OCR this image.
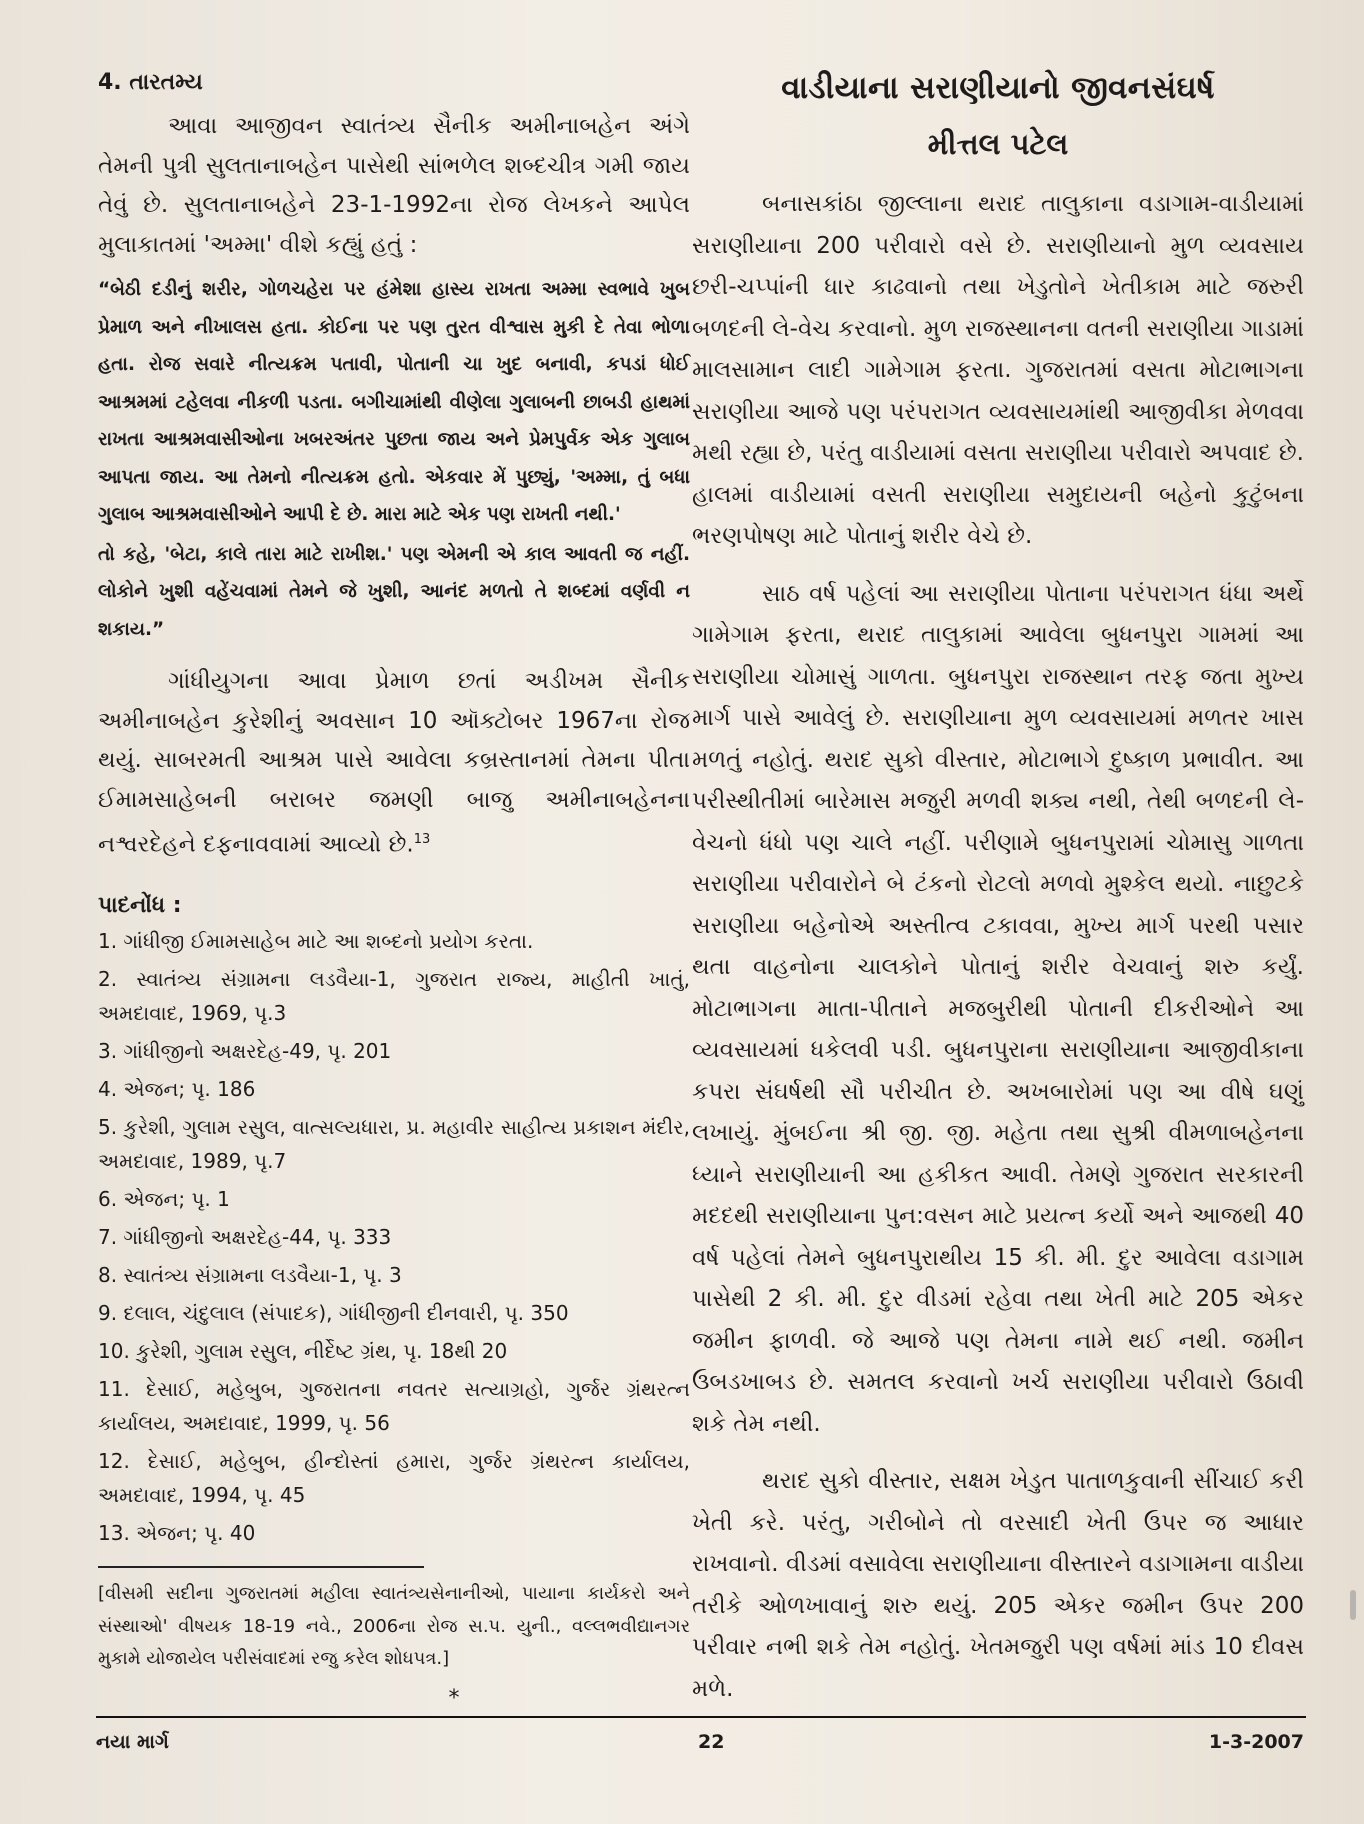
4. તારતમ્ય

આવા આજીવન સ્વાતંત્ર્ય સૈનીક અમીનાબહેન અંગે તેમની પુત્રી સુલતાનાબહેન પાસેથી સાંભળેલ શબ્દચીત્ર ગમી જાય તેવું છે. સુલતાનાબહેને 23-1-1992ના રોજ લેખકને આપેલ મુલાકાતમાં 'અમ્મા' વીશે કહ્યું હતું :

“બેઠી દડીનું શરીર, ગોળચહેરા પર હંમેશા હાસ્ય રાખતા અમ્મા સ્વભાવે ખુબ પ્રેમાળ અને નીખાલસ હતા. કોઈના પર પણ તુરત વીશ્વાસ મુકી દે તેવા ભોળા હતા. રોજ સવારે નીત્યક્રમ પતાવી, પોતાની ચા ખુદ બનાવી, કપડાં ધોઈ આશ્રમમાં ટહેલવા નીકળી પડતા. બગીચામાંથી વીણેલા ગુલાબની છાબડી હાથમાં રાખતા આશ્રમવાસીઓના ખબરઅંતર પુછતા જાય અને પ્રેમપુર્વક એક ગુલાબ આપતા જાય. આ તેમનો નીત્યક્રમ હતો. એકવાર મેં પુછ્યું, 'અમ્મા, તું બધા ગુલાબ આશ્રમવાસીઓને આપી દે છે. મારા માટે એક પણ રાખતી નથી.'

તો કહે, 'બેટા, કાલે તારા માટે રાખીશ.' પણ એમની એ કાલ આવતી જ નહીં. લોકોને ખુશી વહેંચવામાં તેમને જે ખુશી, આનંદ મળતો તે શબ્દમાં વર્ણવી ન શકાય.”

ગાંધીયુગના આવા પ્રેમાળ છતાં અડીખમ સૈનીક અમીનાબહેન કુરેશીનું અવસાન 10 ઑક્ટોબર 1967ના રોજ થયું. સાબરમતી આશ્રમ પાસે આવેલા કબ્રસ્તાનમાં તેમના પીતા ઈમામસાહેબની બરાબર જમણી બાજુ અમીનાબહેનના નશ્વરદેહને દફનાવવામાં આવ્યો છે.$^{13}$

પાદનોંધ :
1. ગાંધીજી ઈમામસાહેબ માટે આ શબ્દનો પ્રયોગ કરતા.
2. સ્વાતંત્ર્ય સંગ્રામના લડવૈયા-1, ગુજરાત રાજ્ય, માહીતી ખાતું, અમદાવાદ, 1969, પૃ.3
3. ગાંધીજીનો અક્ષરદેહ-49, પૃ. 201
4. એજન; પૃ. 186
5. કુરેશી, ગુલામ રસુલ, વાત્સલ્યધારા, પ્ર. મહાવીર સાહીત્ય પ્રકાશન મંદીર, અમદાવાદ, 1989, પૃ.7
6. એજન; પૃ. 1
7. ગાંધીજીનો અક્ષરદેહ-44, પૃ. 333
8. સ્વાતંત્ર્ય સંગ્રામના લડવૈયા-1, પૃ. 3
9. દલાલ, ચંદુલાલ (સંપાદક), ગાંધીજીની દીનવારી, પૃ. 350
10. કુરેશી, ગુલામ રસુલ, નીર્દેષ્ટ ગ્રંથ, પૃ. 18થી 20
11. દેસાઈ, મહેબુબ, ગુજરાતના નવતર સત્યાગ્રહો, ગુર્જર ગ્રંથરત્ન કાર્યાલય, અમદાવાદ, 1999, પૃ. 56
12. દેસાઈ, મહેબુબ, હીન્દોસ્તાં હમારા, ગુર્જર ગ્રંથરત્ન કાર્યાલય, અમદાવાદ, 1994, પૃ. 45
13. એજન; પૃ. 40

[વીસમી સદીના ગુજરાતમાં મહીલા સ્વાતંત્ર્યસેનાનીઓ, પાયાના કાર્યકરો અને સંસ્થાઓ' વીષયક 18-19 નવે., 2006ના રોજ સ.પ. યુની., વલ્લભવીદ્યાનગર મુકામે યોજાયેલ પરીસંવાદમાં રજુ કરેલ શોધપત્ર.]

*
વાડીયાના સરાણીયાનો જીવનસંઘર્ષ
મીત્તલ પટેલ

બનાસકાંઠા જીલ્લાના થરાદ તાલુકાના વડાગામ-વાડીયામાં સરાણીયાના 200 પરીવારો વસે છે. સરાણીયાનો મુળ વ્યવસાય છરી-ચપ્પાંની ધાર કાઢવાનો તથા ખેડુતોને ખેતીકામ માટે જરુરી બળદની લે-વેચ કરવાનો. મુળ રાજસ્થાનના વતની સરાણીયા ગાડામાં માલસામાન લાદી ગામેગામ ફરતા. ગુજરાતમાં વસતા મોટાભાગના સરાણીયા આજે પણ પરંપરાગત વ્યવસાયમાંથી આજીવીકા મેળવવા મથી રહ્યા છે, પરંતુ વાડીયામાં વસતા સરાણીયા પરીવારો અપવાદ છે. હાલમાં વાડીયામાં વસતી સરાણીયા સમુદાયની બહેનો કુટુંબના ભરણપોષણ માટે પોતાનું શરીર વેચે છે.

સાઠ વર્ષ પહેલાં આ સરાણીયા પોતાના પરંપરાગત ધંધા અર્થે ગામેગામ ફરતા, થરાદ તાલુકામાં આવેલા બુધનપુરા ગામમાં આ સરાણીયા ચોમાસું ગાળતા. બુધનપુરા રાજસ્થાન તરફ જતા મુખ્ય માર્ગ પાસે આવેલું છે. સરાણીયાના મુળ વ્યવસાયમાં મળતર ખાસ મળતું નહોતું. થરાદ સુકો વીસ્તાર, મોટાભાગે દુષ્કાળ પ્રભાવીત. આ પરીસ્થીતીમાં બારેમાસ મજુરી મળવી શક્ય નથી, તેથી બળદની લે-વેચનો ધંધો પણ ચાલે નહીં. પરીણામે બુધનપુરામાં ચોમાસુ ગાળતા સરાણીયા પરીવારોને બે ટંકનો રોટલો મળવો મુશ્કેલ થયો. નાછુટકે સરાણીયા બહેનોએ અસ્તીત્વ ટકાવવા, મુખ્ય માર્ગ પરથી પસાર થતા વાહનોના ચાલકોને પોતાનું શરીર વેચવાનું શરુ કર્યું. મોટાભાગના માતા-પીતાને મજબુરીથી પોતાની દીકરીઓને આ વ્યવસાયમાં ધકેલવી પડી. બુધનપુરાના સરાણીયાના આજીવીકાના કપરા સંઘર્ષથી સૌ પરીચીત છે. અખબારોમાં પણ આ વીષે ઘણું લખાયું. મુંબઈના શ્રી જી. જી. મહેતા તથા સુશ્રી વીમળાબહેનના ધ્યાને સરાણીયાની આ હકીકત આવી. તેમણે ગુજરાત સરકારની મદદથી સરાણીયાના પુન:વસન માટે પ્રયત્ન કર્યો અને આજથી 40 વર્ષ પહેલાં તેમને બુધનપુરાથીય 15 કી. મી. દુર આવેલા વડાગામ પાસેથી 2 કી. મી. દુર વીડમાં રહેવા તથા ખેતી માટે 205 એકર જમીન ફાળવી. જે આજે પણ તેમના નામે થઈ નથી. જમીન ઉબડખાબડ છે. સમતલ કરવાનો ખર્ચ સરાણીયા પરીવારો ઉઠાવી શકે તેમ નથી.

થરાદ સુકો વીસ્તાર, સક્ષમ ખેડુત પાતાળકુવાની સીંચાઈ કરી ખેતી કરે. પરંતુ, ગરીબોને તો વરસાદી ખેતી ઉપર જ આધાર રાખવાનો. વીડમાં વસાવેલા સરાણીયાના વીસ્તારને વડાગામના વાડીયા તરીકે ઓળખાવાનું શરુ થયું. 205 એકર જમીન ઉપર 200 પરીવાર નભી શકે તેમ નહોતું. ખેતમજુરી પણ વર્ષમાં માંડ 10 દીવસ મળે.

નયા માર્ગ	22	1-3-2007
